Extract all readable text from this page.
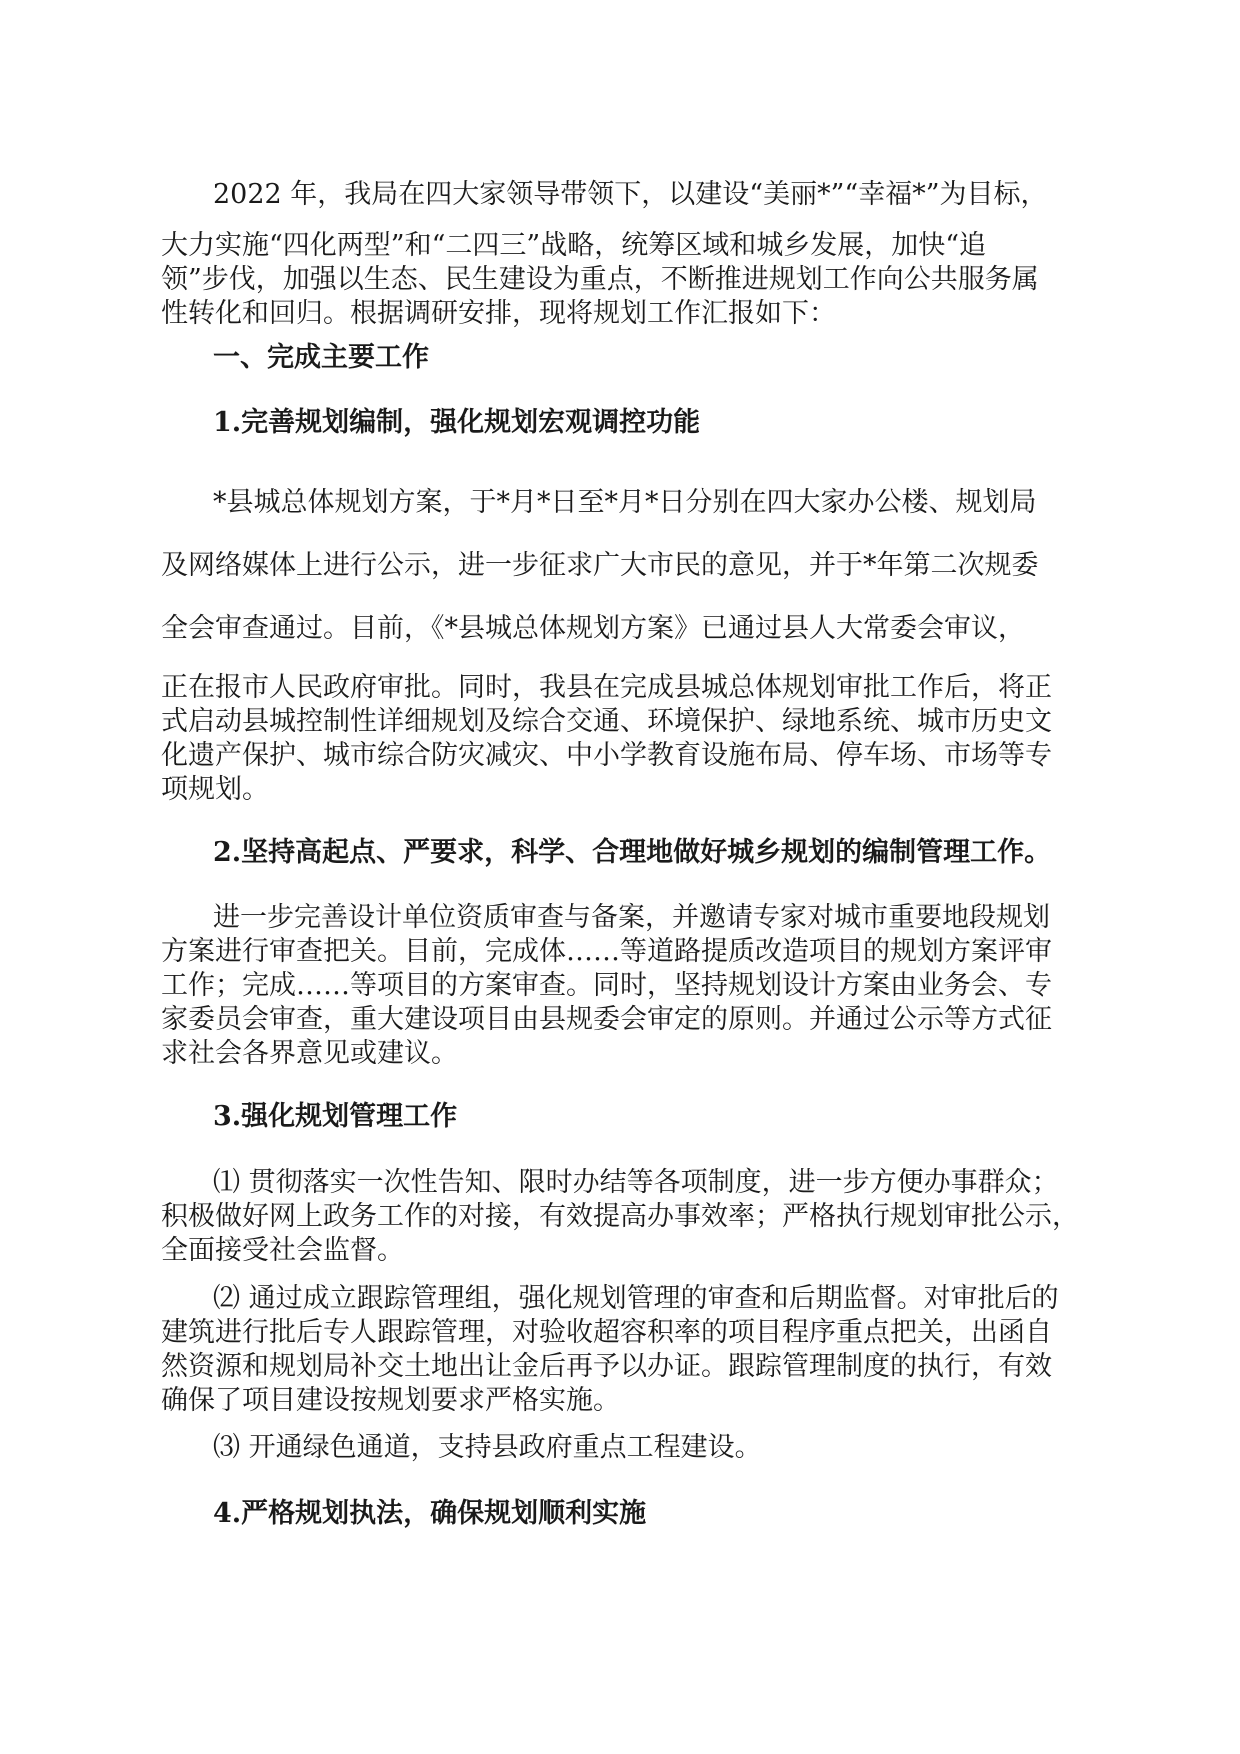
2022 年，我局在四大家领导带领下，以建设“美丽*”“幸福*”为目标，
大力实施“四化两型”和“二四三”战略，统筹区域和城乡发展，加快“追
领”步伐，加强以生态、民生建设为重点，不断推进规划工作向公共服务属
性转化和回归。根据调研安排，现将规划工作汇报如下：
一、完成主要工作
1.完善规划编制，强化规划宏观调控功能
*县城总体规划方案，于*月*日至*月*日分别在四大家办公楼、规划局
及网络媒体上进行公示，进一步征求广大市民的意见，并于*年第二次规委
全会审查通过。目前，《*县城总体规划方案》已通过县人大常委会审议，
正在报市人民政府审批。同时，我县在完成县城总体规划审批工作后，将正
式启动县城控制性详细规划及综合交通、环境保护、绿地系统、城市历史文
化遗产保护、城市综合防灾减灾、中小学教育设施布局、停车场、市场等专
项规划。
2.坚持高起点、严要求，科学、合理地做好城乡规划的编制管理工作。
进一步完善设计单位资质审查与备案，并邀请专家对城市重要地段规划
方案进行审查把关。目前，完成体……等道路提质改造项目的规划方案评审
工作；完成……等项目的方案审查。同时，坚持规划设计方案由业务会、专
家委员会审查，重大建设项目由县规委会审定的原则。并通过公示等方式征
求社会各界意见或建议。
3.强化规划管理工作
⑴ 贯彻落实一次性告知、限时办结等各项制度，进一步方便办事群众；
积极做好网上政务工作的对接，有效提高办事效率；严格执行规划审批公示，
全面接受社会监督。
⑵ 通过成立跟踪管理组，强化规划管理的审查和后期监督。对审批后的
建筑进行批后专人跟踪管理，对验收超容积率的项目程序重点把关，出函自
然资源和规划局补交土地出让金后再予以办证。跟踪管理制度的执行，有效
确保了项目建设按规划要求严格实施。
⑶ 开通绿色通道，支持县政府重点工程建设。
4.严格规划执法，确保规划顺利实施
